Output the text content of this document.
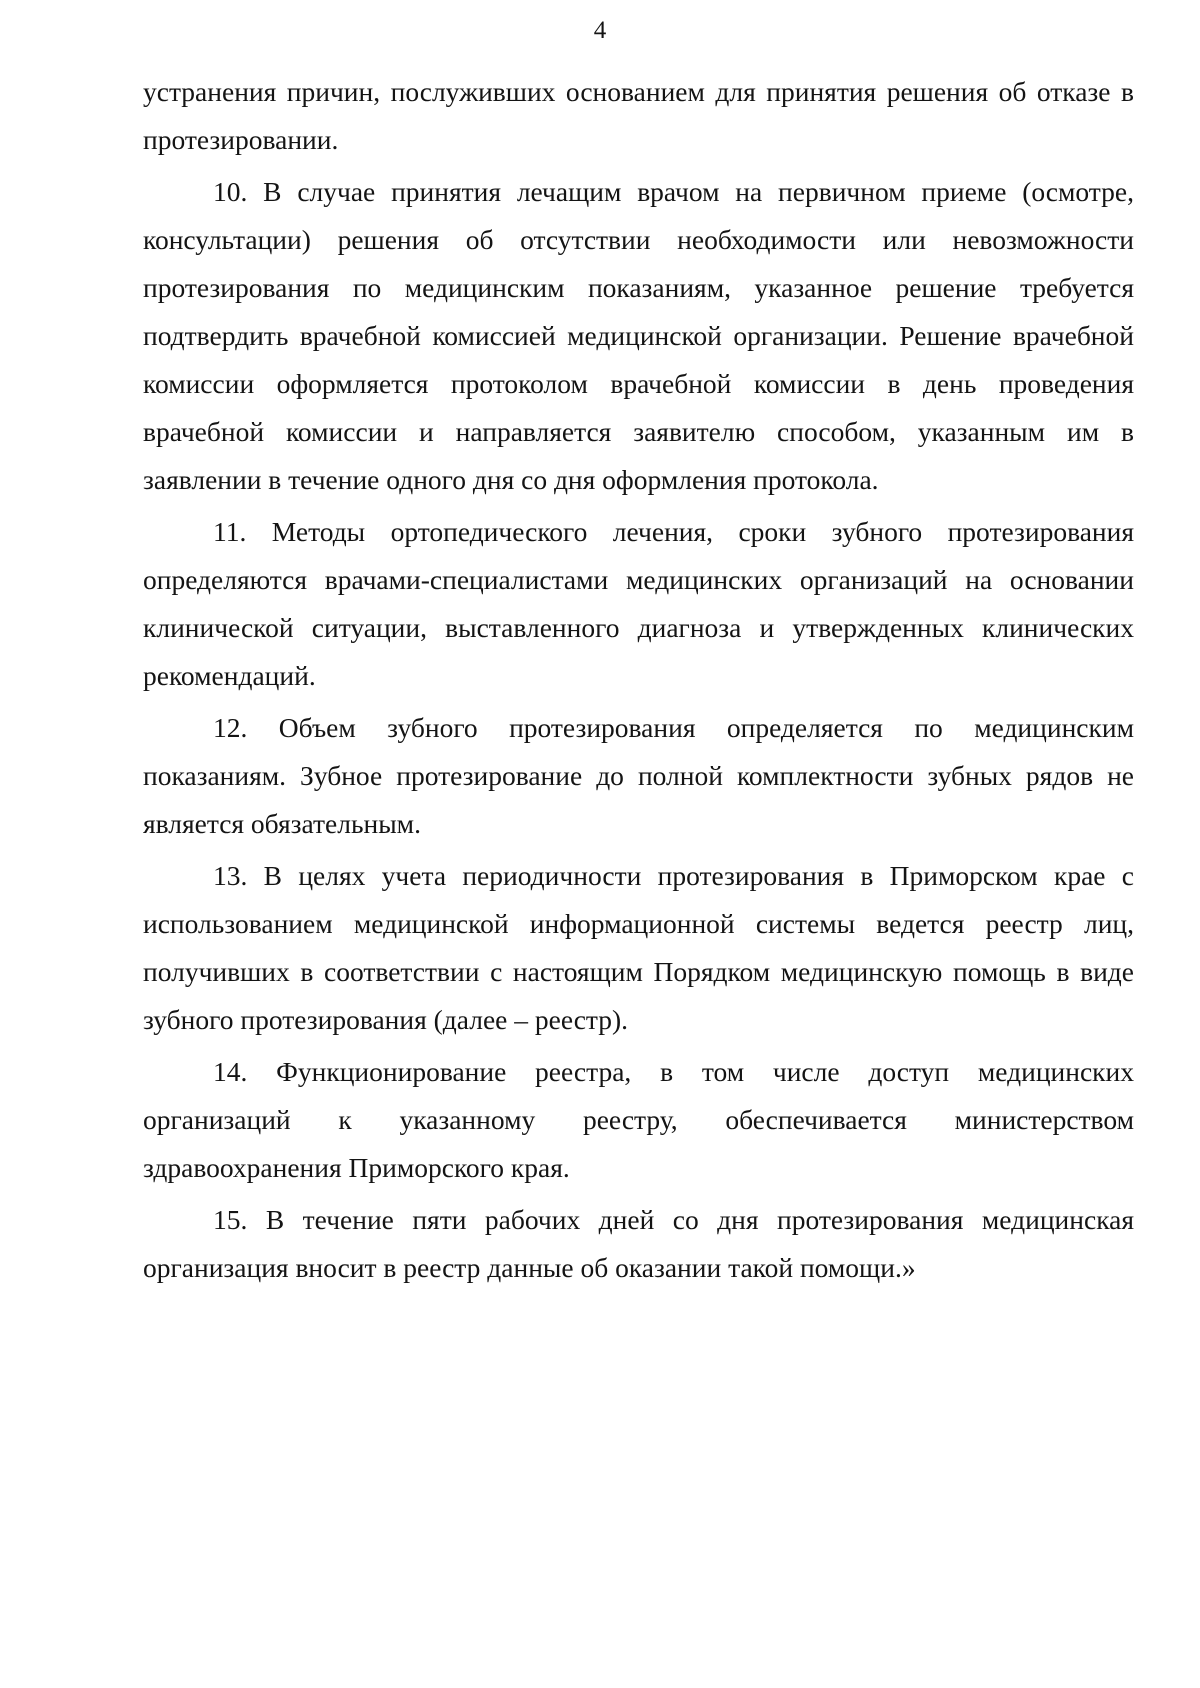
4

устранения причин, послуживших основанием для принятия решения об отказе в протезировании.

10. В случае принятия лечащим врачом на первичном приеме (осмотре, консультации) решения об отсутствии необходимости или невозможности протезирования по медицинским показаниям, указанное решение требуется подтвердить врачебной комиссией медицинской организации. Решение врачебной комиссии оформляется протоколом врачебной комиссии в день проведения врачебной комиссии и направляется заявителю способом, указанным им в заявлении в течение одного дня со дня оформления протокола.

11. Методы ортопедического лечения, сроки зубного протезирования определяются врачами-специалистами медицинских организаций на основании клинической ситуации, выставленного диагноза и утвержденных клинических рекомендаций.

12. Объем зубного протезирования определяется по медицинским показаниям. Зубное протезирование до полной комплектности зубных рядов не является обязательным.

13. В целях учета периодичности протезирования в Приморском крае с использованием медицинской информационной системы ведется реестр лиц, получивших в соответствии с настоящим Порядком медицинскую помощь в виде зубного протезирования (далее – реестр).

14. Функционирование реестра, в том числе доступ медицинских организаций к указанному реестру, обеспечивается министерством здравоохранения Приморского края.

15. В течение пяти рабочих дней со дня протезирования медицинская организация вносит в реестр данные об оказании такой помощи.»
